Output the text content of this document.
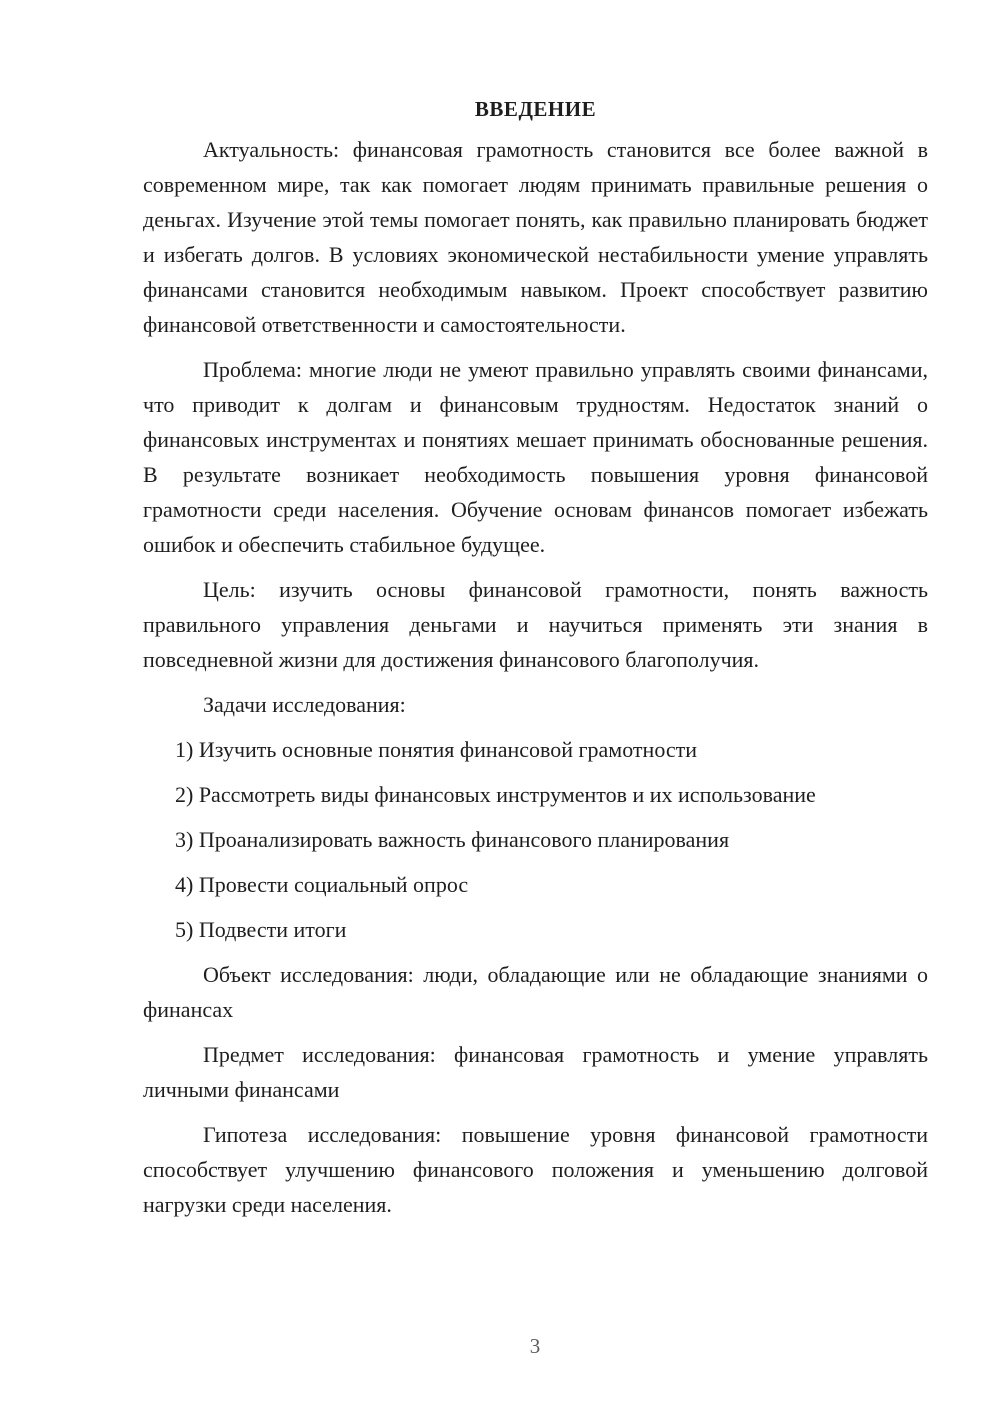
ВВЕДЕНИЕ

Актуальность: финансовая грамотность становится все более важной в современном мире, так как помогает людям принимать правильные решения о деньгах. Изучение этой темы помогает понять, как правильно планировать бюджет и избегать долгов. В условиях экономической нестабильности умение управлять финансами становится необходимым навыком. Проект способствует развитию финансовой ответственности и самостоятельности.

Проблема: многие люди не умеют правильно управлять своими финансами, что приводит к долгам и финансовым трудностям. Недостаток знаний о финансовых инструментах и понятиях мешает принимать обоснованные решения. В результате возникает необходимость повышения уровня финансовой грамотности среди населения. Обучение основам финансов помогает избежать ошибок и обеспечить стабильное будущее.

Цель: изучить основы финансовой грамотности, понять важность правильного управления деньгами и научиться применять эти знания в повседневной жизни для достижения финансового благополучия.

Задачи исследования:

1) Изучить основные понятия финансовой грамотности
2) Рассмотреть виды финансовых инструментов и их использование
3) Проанализировать важность финансового планирования
4) Провести социальный опрос
5) Подвести итоги

Объект исследования: люди, обладающие или не обладающие знаниями о финансах

Предмет исследования: финансовая грамотность и умение управлять личными финансами

Гипотеза исследования: повышение уровня финансовой грамотности способствует улучшению финансового положения и уменьшению долговой нагрузки среди населения.

3
